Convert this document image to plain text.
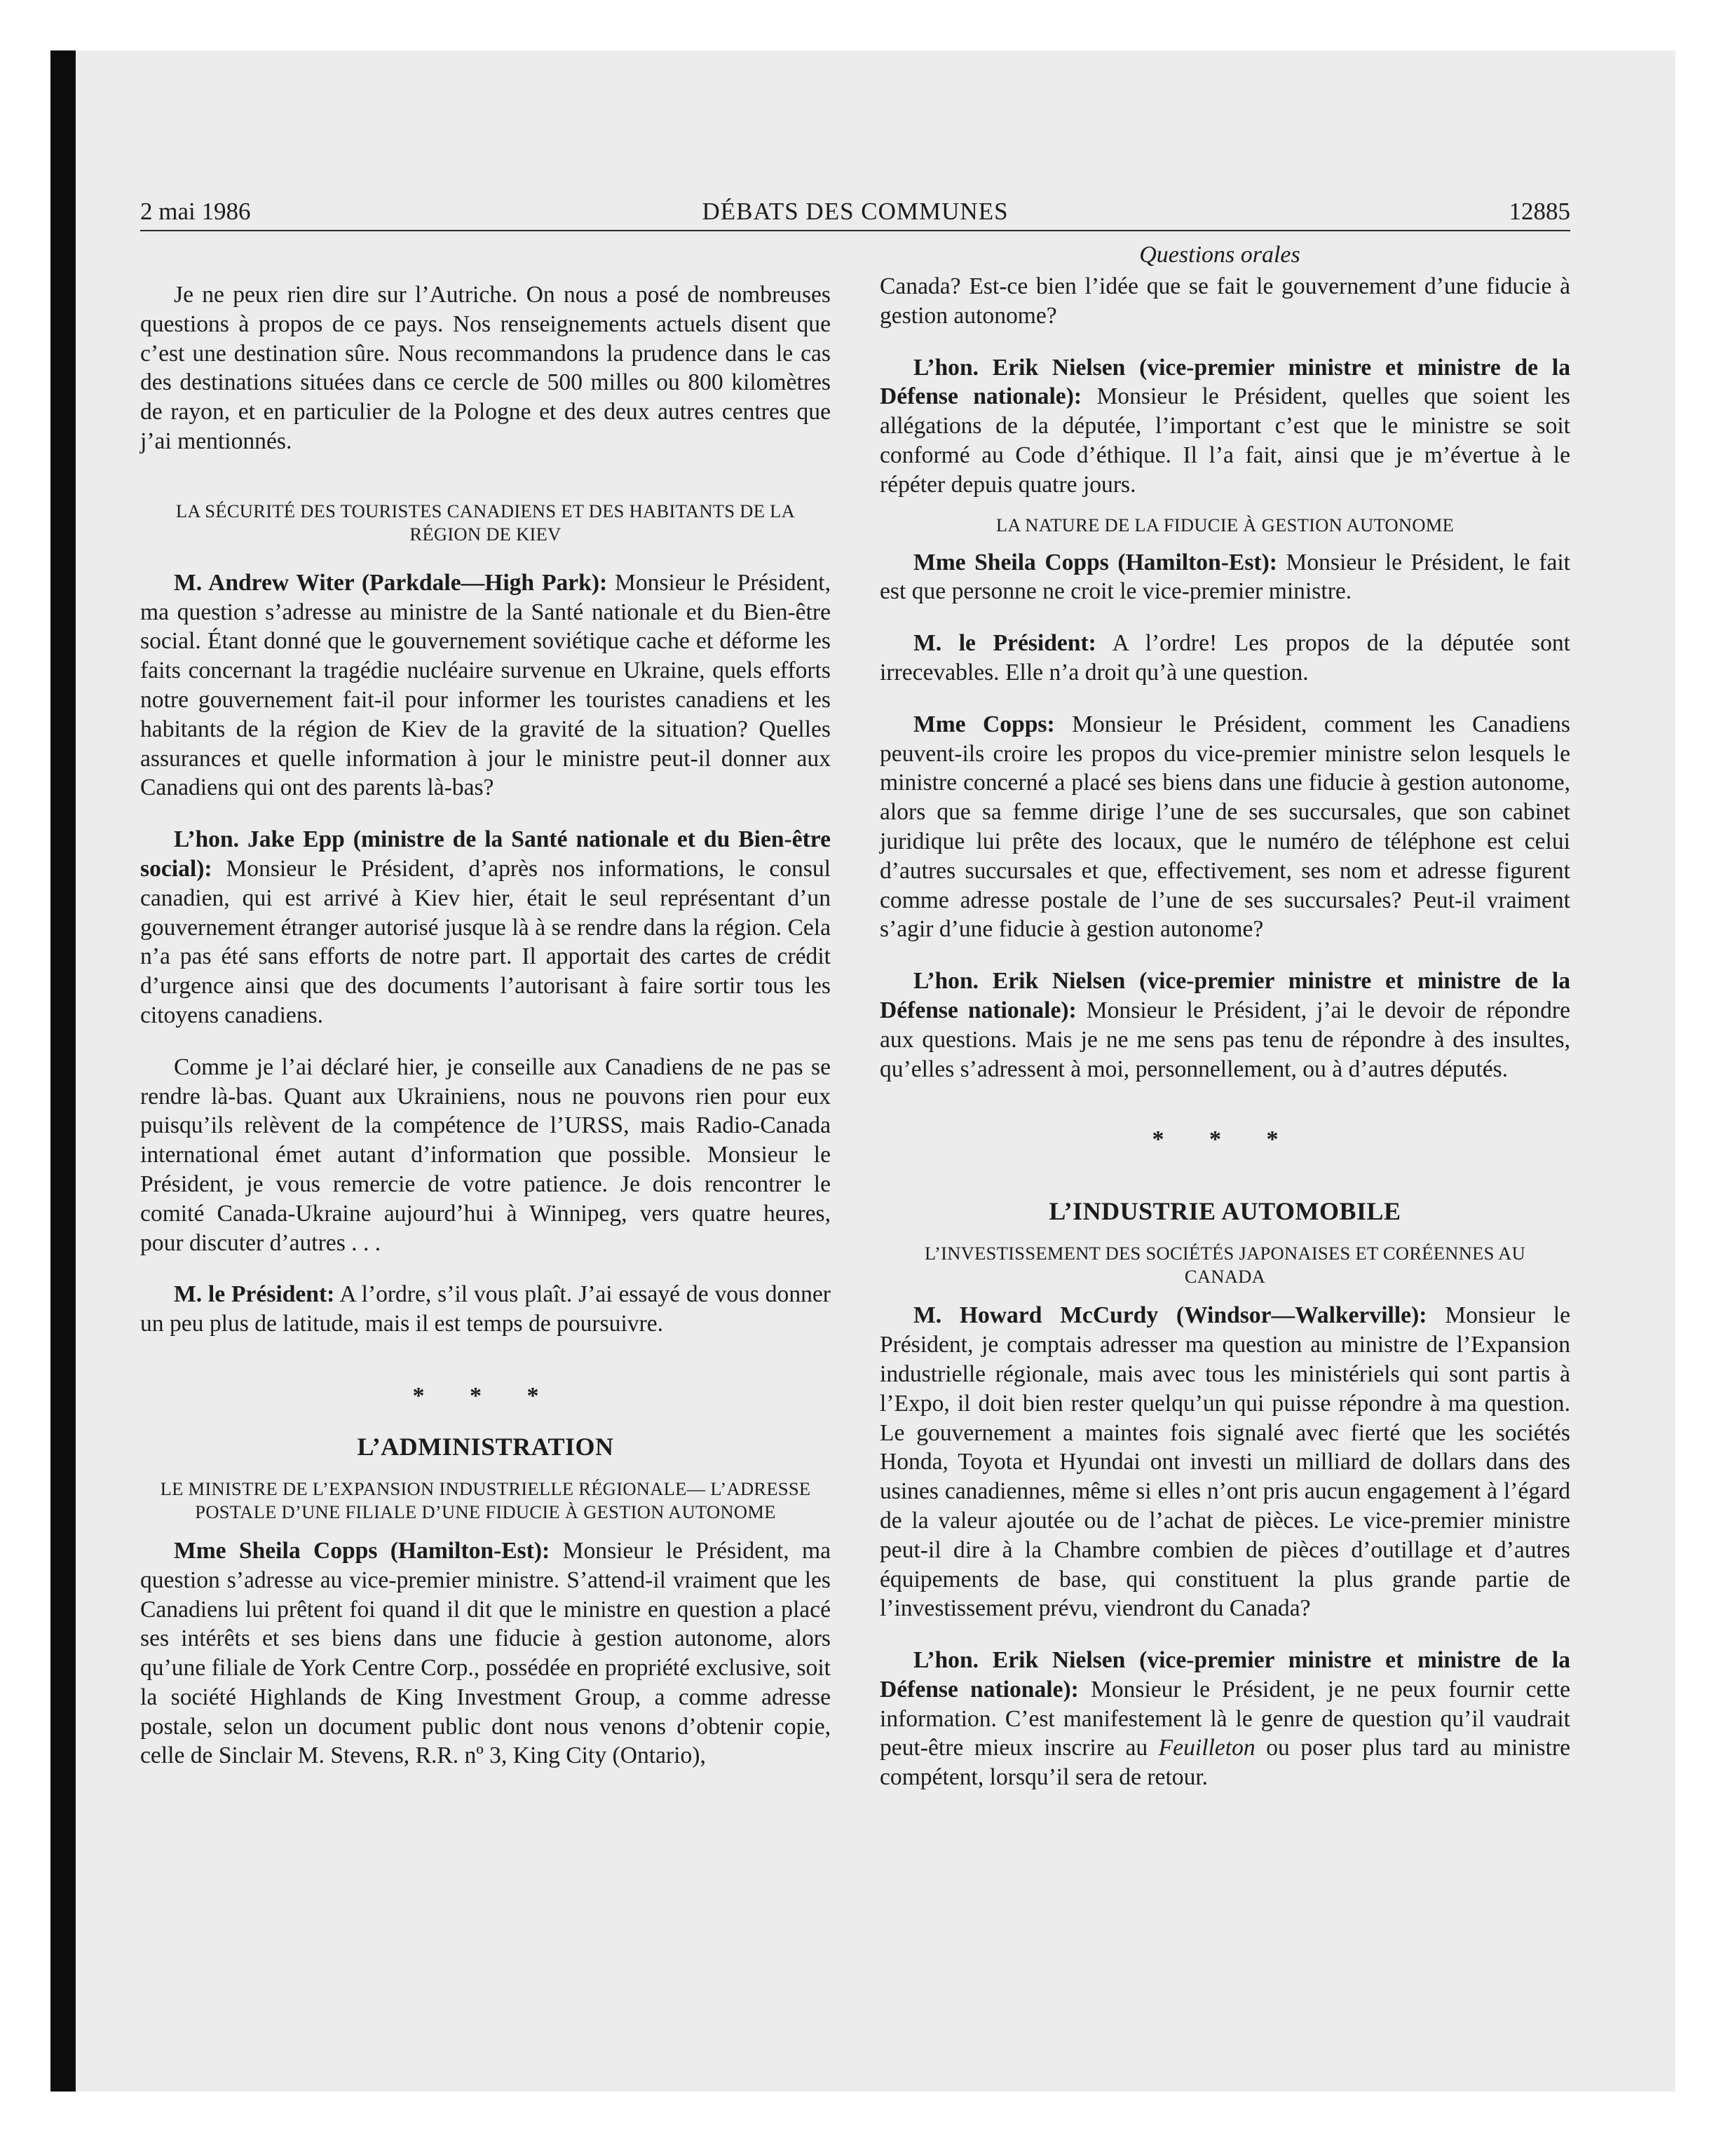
2 mai 1986	DÉBATS DES COMMUNES	12885
Questions orales

Je ne peux rien dire sur l’Autriche. On nous a posé de nombreuses questions à propos de ce pays. Nos renseignements actuels disent que c’est une destination sûre. Nous recommandons la prudence dans le cas des destinations situées dans ce cercle de 500 milles ou 800 kilomètres de rayon, et en particulier de la Pologne et des deux autres centres que j’ai mentionnés.

LA SÉCURITÉ DES TOURISTES CANADIENS ET DES HABITANTS DE LA RÉGION DE KIEV

M. Andrew Witer (Parkdale—High Park): Monsieur le Président, ma question s’adresse au ministre de la Santé nationale et du Bien-être social. Étant donné que le gouvernement soviétique cache et déforme les faits concernant la tragédie nucléaire survenue en Ukraine, quels efforts notre gouvernement fait-il pour informer les touristes canadiens et les habitants de la région de Kiev de la gravité de la situation? Quelles assurances et quelle information à jour le ministre peut-il donner aux Canadiens qui ont des parents là-bas?

L’hon. Jake Epp (ministre de la Santé nationale et du Bien-être social): Monsieur le Président, d’après nos informations, le consul canadien, qui est arrivé à Kiev hier, était le seul représentant d’un gouvernement étranger autorisé jusque là à se rendre dans la région. Cela n’a pas été sans efforts de notre part. Il apportait des cartes de crédit d’urgence ainsi que des documents l’autorisant à faire sortir tous les citoyens canadiens.

Comme je l’ai déclaré hier, je conseille aux Canadiens de ne pas se rendre là-bas. Quant aux Ukrainiens, nous ne pouvons rien pour eux puisqu’ils relèvent de la compétence de l’URSS, mais Radio-Canada international émet autant d’information que possible. Monsieur le Président, je vous remercie de votre patience. Je dois rencontrer le comité Canada-Ukraine aujourd’hui à Winnipeg, vers quatre heures, pour discuter d’autres . . .

M. le Président: A l’ordre, s’il vous plaît. J’ai essayé de vous donner un peu plus de latitude, mais il est temps de poursuivre.

* * *
L’ADMINISTRATION
LE MINISTRE DE L’EXPANSION INDUSTRIELLE RÉGIONALE— L’ADRESSE POSTALE D’UNE FILIALE D’UNE FIDUCIE À GESTION AUTONOME

Mme Sheila Copps (Hamilton-Est): Monsieur le Président, ma question s’adresse au vice-premier ministre. S’attend-il vraiment que les Canadiens lui prêtent foi quand il dit que le ministre en question a placé ses intérêts et ses biens dans une fiducie à gestion autonome, alors qu’une filiale de York Centre Corp., possédée en propriété exclusive, soit la société Highlands de King Investment Group, a comme adresse postale, selon un document public dont nous venons d’obtenir copie, celle de Sinclair M. Stevens, R.R. nº 3, King City (Ontario),

Canada? Est-ce bien l’idée que se fait le gouvernement d’une fiducie à gestion autonome?

L’hon. Erik Nielsen (vice-premier ministre et ministre de la Défense nationale): Monsieur le Président, quelles que soient les allégations de la députée, l’important c’est que le ministre se soit conformé au Code d’éthique. Il l’a fait, ainsi que je m’évertue à le répéter depuis quatre jours.

LA NATURE DE LA FIDUCIE À GESTION AUTONOME

Mme Sheila Copps (Hamilton-Est): Monsieur le Président, le fait est que personne ne croit le vice-premier ministre.

M. le Président: A l’ordre! Les propos de la députée sont irrecevables. Elle n’a droit qu’à une question.

Mme Copps: Monsieur le Président, comment les Canadiens peuvent-ils croire les propos du vice-premier ministre selon lesquels le ministre concerné a placé ses biens dans une fiducie à gestion autonome, alors que sa femme dirige l’une de ses succursales, que son cabinet juridique lui prête des locaux, que le numéro de téléphone est celui d’autres succursales et que, effectivement, ses nom et adresse figurent comme adresse postale de l’une de ses succursales? Peut-il vraiment s’agir d’une fiducie à gestion autonome?

L’hon. Erik Nielsen (vice-premier ministre et ministre de la Défense nationale): Monsieur le Président, j’ai le devoir de répondre aux questions. Mais je ne me sens pas tenu de répondre à des insultes, qu’elles s’adressent à moi, personnellement, ou à d’autres députés.

* * *
L’INDUSTRIE AUTOMOBILE
L’INVESTISSEMENT DES SOCIÉTÉS JAPONAISES ET CORÉENNES AU CANADA

M. Howard McCurdy (Windsor—Walkerville): Monsieur le Président, je comptais adresser ma question au ministre de l’Expansion industrielle régionale, mais avec tous les ministériels qui sont partis à l’Expo, il doit bien rester quelqu’un qui puisse répondre à ma question. Le gouvernement a maintes fois signalé avec fierté que les sociétés Honda, Toyota et Hyundai ont investi un milliard de dollars dans des usines canadiennes, même si elles n’ont pris aucun engagement à l’égard de la valeur ajoutée ou de l’achat de pièces. Le vice-premier ministre peut-il dire à la Chambre combien de pièces d’outillage et d’autres équipements de base, qui constituent la plus grande partie de l’investissement prévu, viendront du Canada?

L’hon. Erik Nielsen (vice-premier ministre et ministre de la Défense nationale): Monsieur le Président, je ne peux fournir cette information. C’est manifestement là le genre de question qu’il vaudrait peut-être mieux inscrire au Feuilleton ou poser plus tard au ministre compétent, lorsqu’il sera de retour.
